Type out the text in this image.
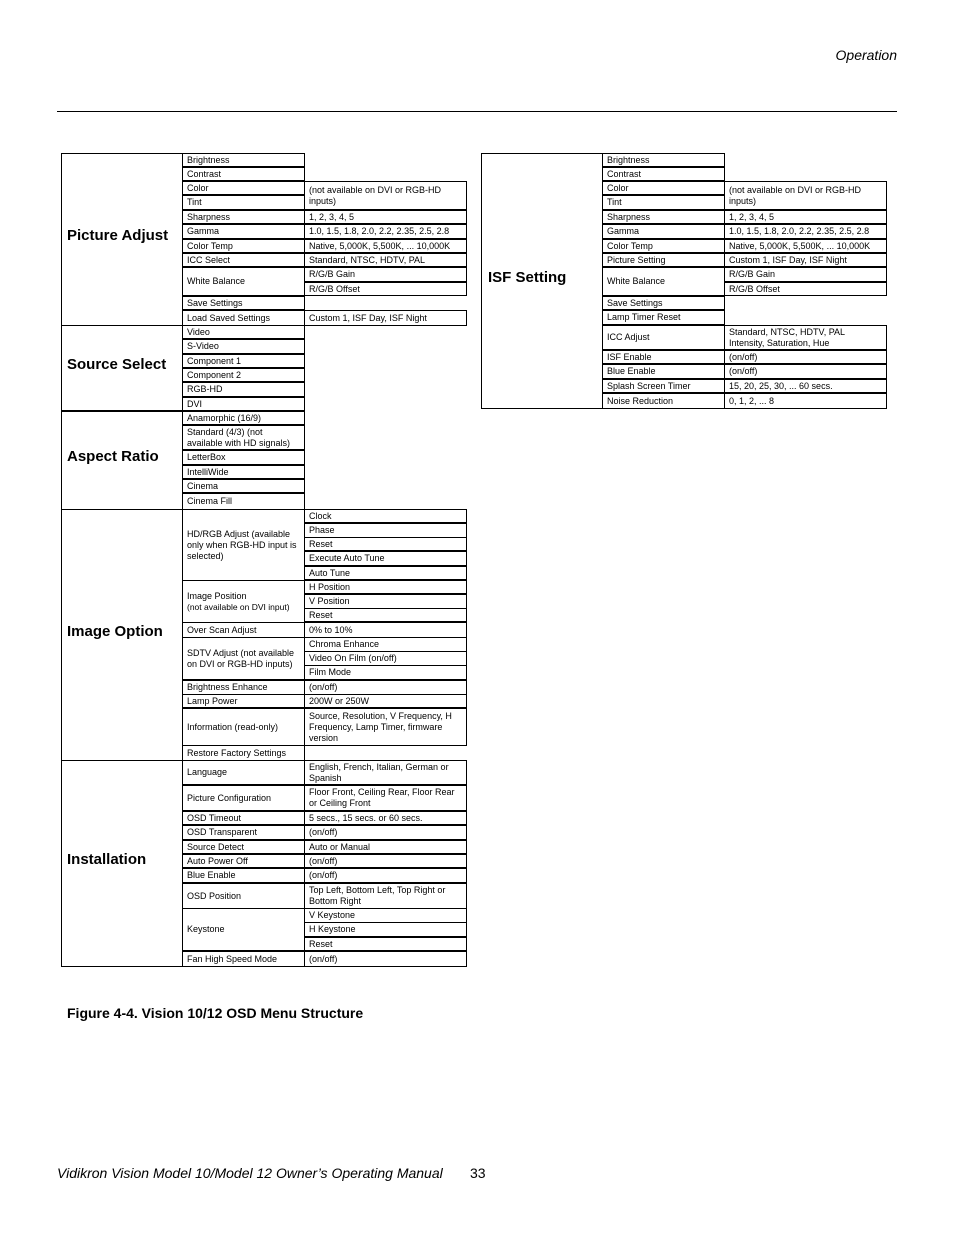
Operation
Picture Adjust
Brightness
Contrast
Color
Tint
Sharpness
Gamma
Color Temp
ICC Select
White Balance
Save Settings
Load Saved Settings
(not available on DVI or RGB-HD inputs)
1, 2, 3, 4, 5
1.0, 1.5, 1.8, 2.0, 2.2, 2.35, 2.5, 2.8
Native, 5,000K, 5,500K, ... 10,000K
Standard, NTSC, HDTV, PAL
R/G/B Gain
R/G/B Offset
Custom 1, ISF Day, ISF Night
Source Select
Video
S-Video
Component 1
Component 2
RGB-HD
DVI
Aspect Ratio
Anamorphic (16/9)
Standard (4/3) (not available with HD signals)
LetterBox
IntelliWide
Cinema
Cinema Fill
Image Option
HD/RGB Adjust (available only when RGB-HD input is selected)
Image Position
(not available on DVI input)
Over Scan Adjust
SDTV Adjust (not available on DVI or RGB-HD inputs)
Brightness Enhance
Lamp Power
Information (read-only)
Restore Factory Settings
Clock
Phase
Reset
Execute Auto Tune
Auto Tune
H Position
V Position
Reset
0% to 10%
Chroma Enhance
Video On Film (on/off)
Film Mode
(on/off)
200W or 250W
Source, Resolution, V Frequency, H Frequency, Lamp Timer, firmware version
Installation
Language
Picture Configuration
OSD Timeout
OSD Transparent
Source Detect
Auto Power Off
Blue Enable
OSD Position
Keystone
Fan High Speed Mode
English, French, Italian, German or Spanish
Floor Front, Ceiling Rear, Floor Rear or Ceiling Front
5 secs., 15 secs. or 60 secs.
(on/off)
Auto or Manual
(on/off)
(on/off)
Top Left, Bottom Left, Top Right or Bottom Right
V Keystone
H Keystone
Reset
(on/off)
ISF Setting
Brightness
Contrast
Color
Tint
Sharpness
Gamma
Color Temp
Picture Setting
White Balance
Save Settings
Lamp Timer Reset
ICC Adjust
ISF Enable
Blue Enable
Splash Screen Timer
Noise Reduction
(not available on DVI or RGB-HD inputs)
1, 2, 3, 4, 5
1.0, 1.5, 1.8, 2.0, 2.2, 2.35, 2.5, 2.8
Native, 5,000K, 5,500K, ... 10,000K
Custom 1, ISF Day, ISF Night
R/G/B Gain
R/G/B Offset
Standard, NTSC, HDTV, PAL Intensity, Saturation, Hue
(on/off)
(on/off)
15, 20, 25, 30, ... 60 secs.
0, 1, 2, ... 8
Figure 4-4. Vision 10/12 OSD Menu Structure
Vidikron Vision Model 10/Model 12 Owner’s Operating Manual 33
